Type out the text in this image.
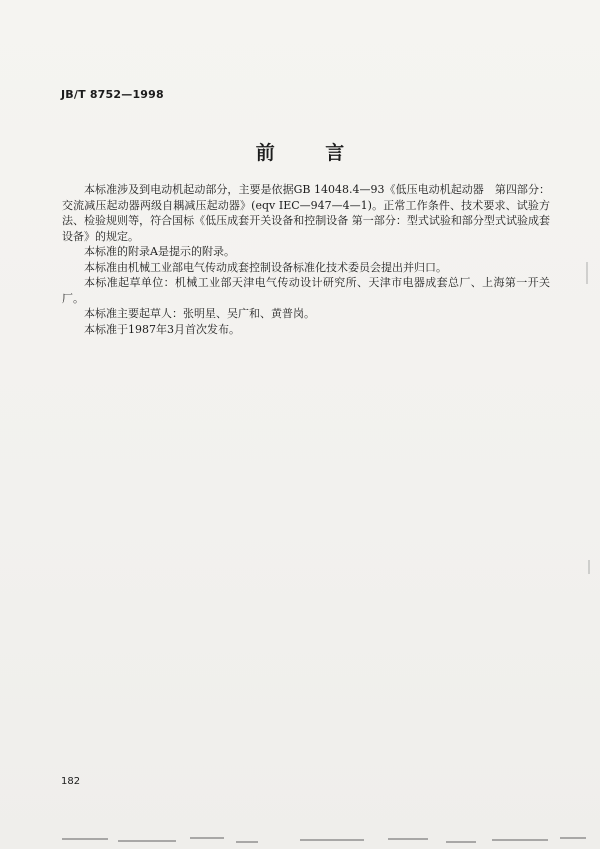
JB/T 8752—1998
前 言

本标准涉及到电动机起动部分，主要是依据GB 14048.4—93《低压电动机起动器　第四部分：交流减压起动器两级自耦减压起动器》(eqv IEC—947—4—1)。正常工作条件、技术要求、试验方法、检验规则等，符合国标《低压成套开关设备和控制设备 第一部分：型式试验和部分型式试验成套设备》的规定。

本标准的附录A是提示的附录。

本标准由机械工业部电气传动成套控制设备标准化技术委员会提出并归口。

本标准起草单位：机械工业部天津电气传动设计研究所、天津市电器成套总厂、上海第一开关厂。

本标准主要起草人：张明星、吴广和、黄普岗。

本标准于1987年3月首次发布。

182
